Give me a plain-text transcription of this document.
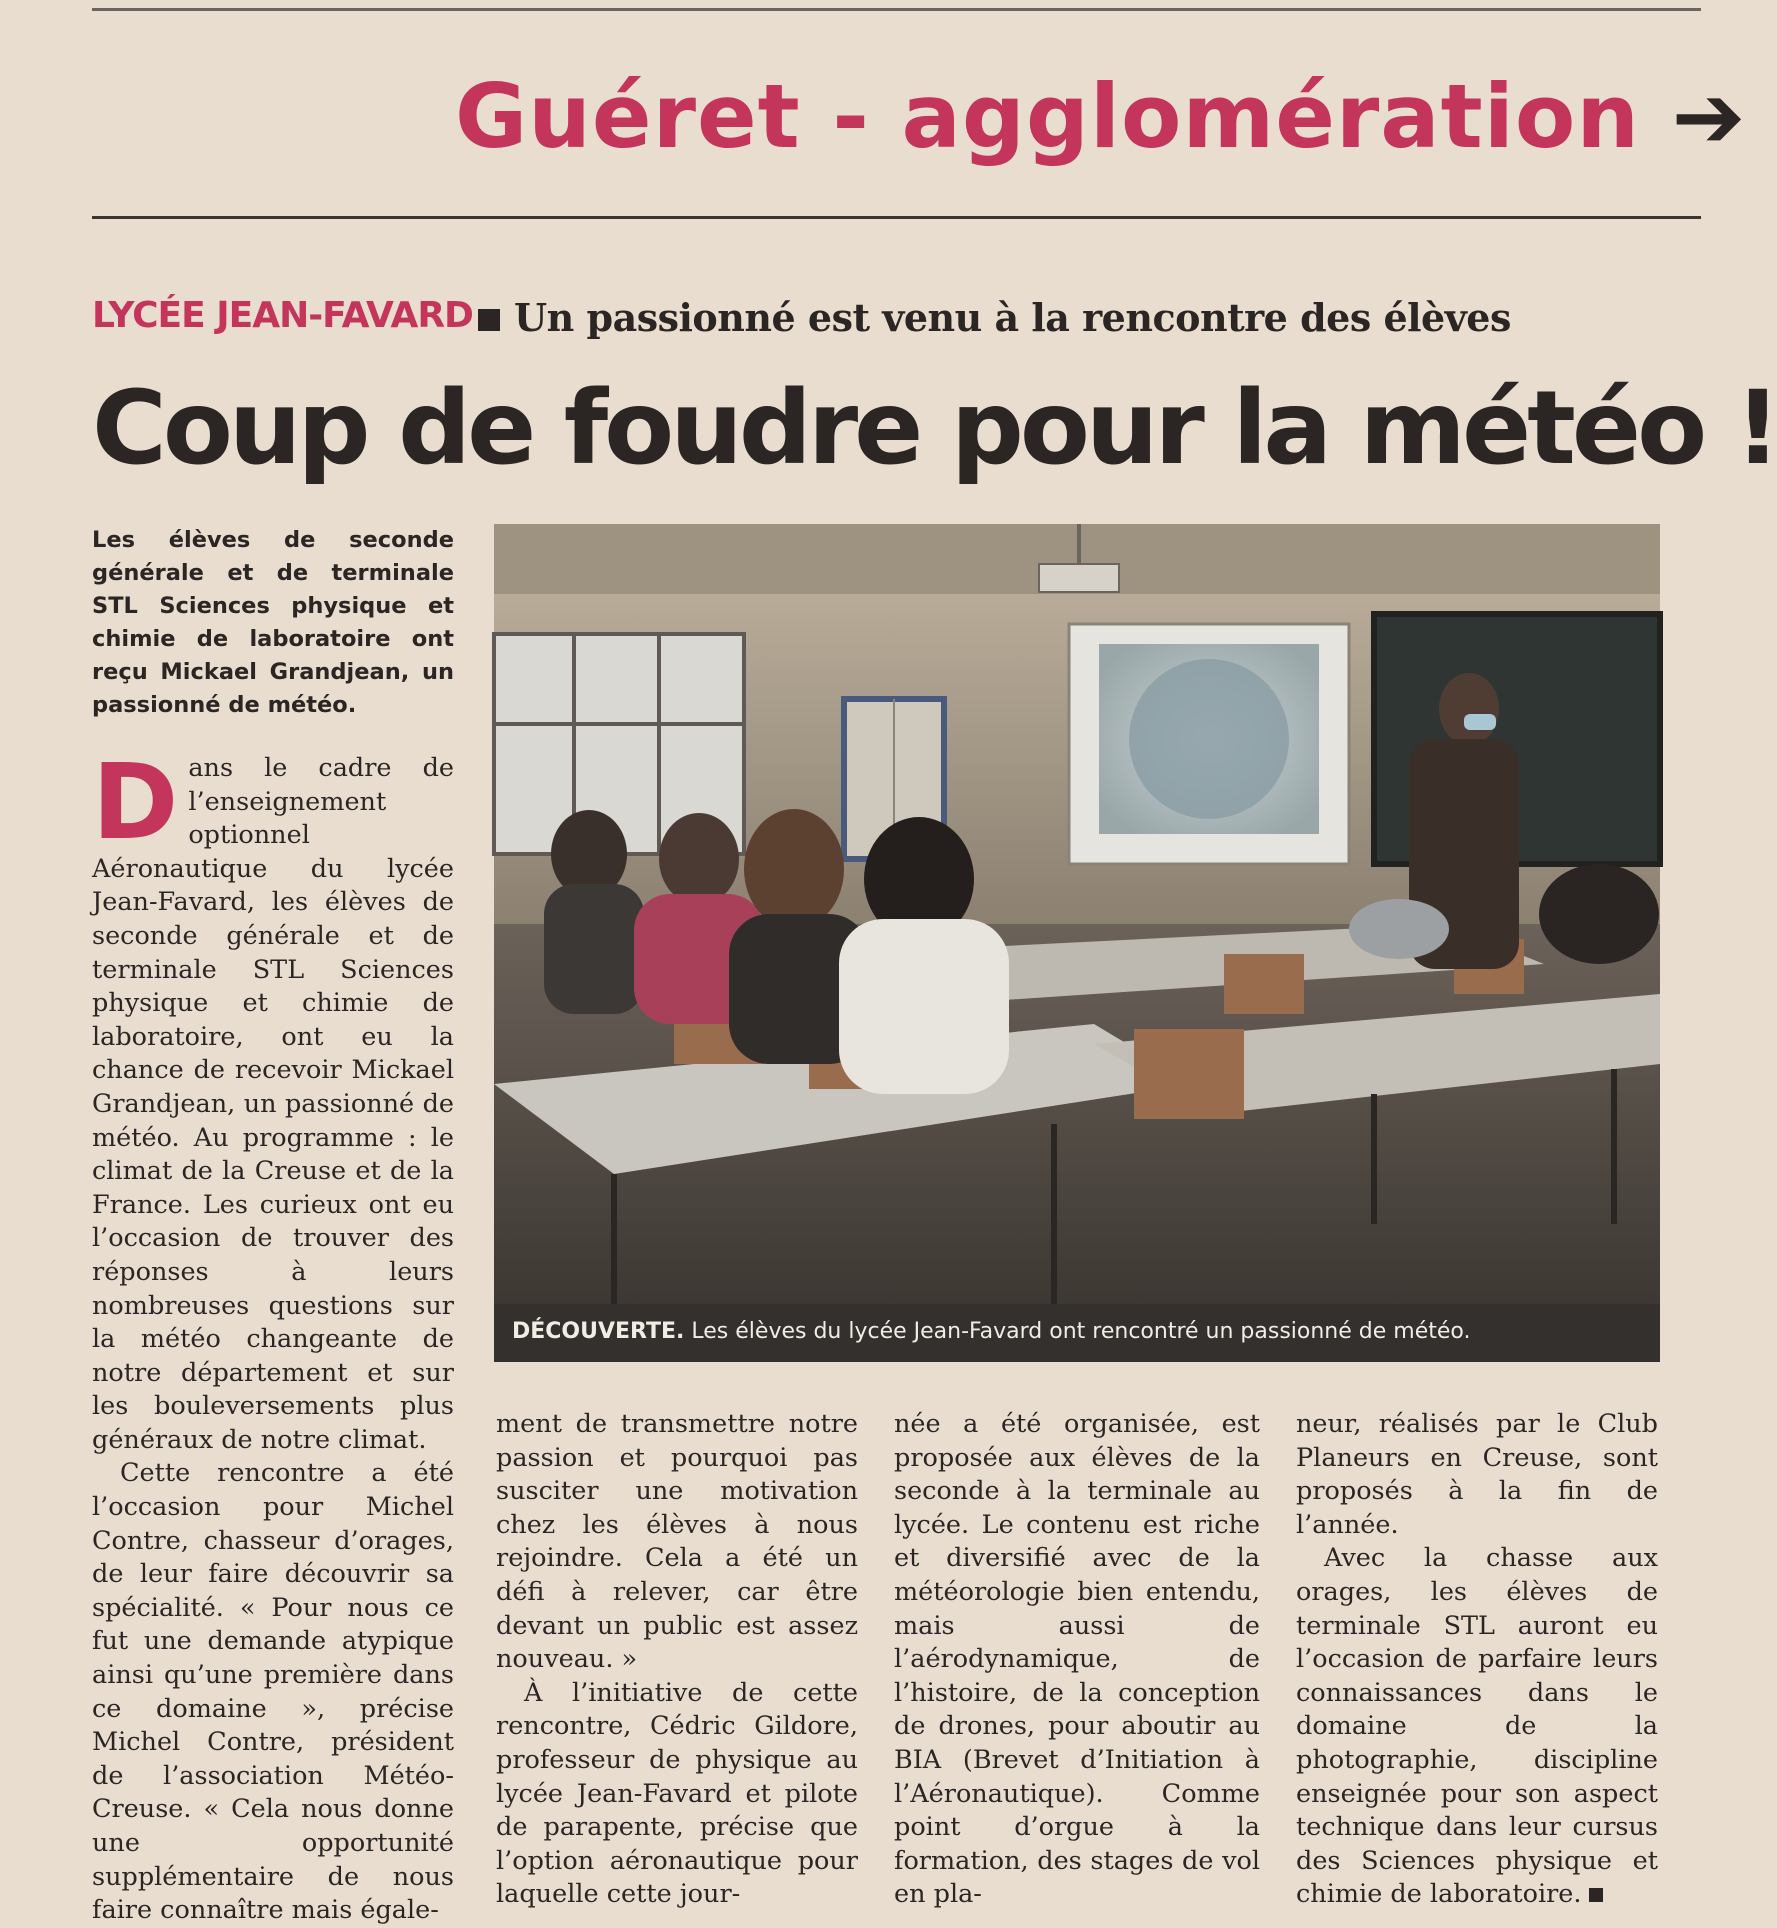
Guéret - agglomération ➔
LYCÉE JEAN-FAVARD Un passionné est venu à la rencontre des élèves
Coup de foudre pour la météo !
Les élèves de seconde générale et de terminale STL Sciences physique et chimie de laboratoire ont reçu Mickael Grandjean, un passionné de météo.
DÉCOUVERTE. Les élèves du lycée Jean-Favard ont rencontré un passionné de météo.

Dans le cadre de l’enseignement optionnel Aéronautique du lycée Jean-Favard, les élèves de seconde générale et de terminale STL Sciences physique et chimie de laboratoire, ont eu la chance de recevoir Mickael Grandjean, un passionné de météo. Au programme : le climat de la Creuse et de la France. Les curieux ont eu l’occasion de trouver des réponses à leurs nombreuses questions sur la météo changeante de notre département et sur les bouleversements plus généraux de notre climat.

Cette rencontre a été l’occasion pour Michel Contre, chasseur d’orages, de leur faire découvrir sa spécialité. « Pour nous ce fut une demande atypique ainsi qu’une première dans ce domaine », précise Michel Contre, président de l’association Météo-Creuse. « Cela nous donne une opportunité supplémentaire de nous faire connaître mais égale-

ment de transmettre notre passion et pourquoi pas susciter une motivation chez les élèves à nous rejoindre. Cela a été un défi à relever, car être devant un public est assez nouveau. »

À l’initiative de cette rencontre, Cédric Gildore, professeur de physique au lycée Jean-Favard et pilote de parapente, précise que l’option aéronautique pour laquelle cette jour-

née a été organisée, est proposée aux élèves de la seconde à la terminale au lycée. Le contenu est riche et diversifié avec de la météorologie bien entendu, mais aussi de l’aérodynamique, de l’histoire, de la conception de drones, pour aboutir au BIA (Brevet d’Initiation à l’Aéronautique). Comme point d’orgue à la formation, des stages de vol en pla-

neur, réalisés par le Club Planeurs en Creuse, sont proposés à la fin de l’année.

Avec la chasse aux orages, les élèves de terminale STL auront eu l’occasion de parfaire leurs connaissances dans le domaine de la photographie, discipline enseignée pour son aspect technique dans leur cursus des Sciences physique et chimie de laboratoire.
